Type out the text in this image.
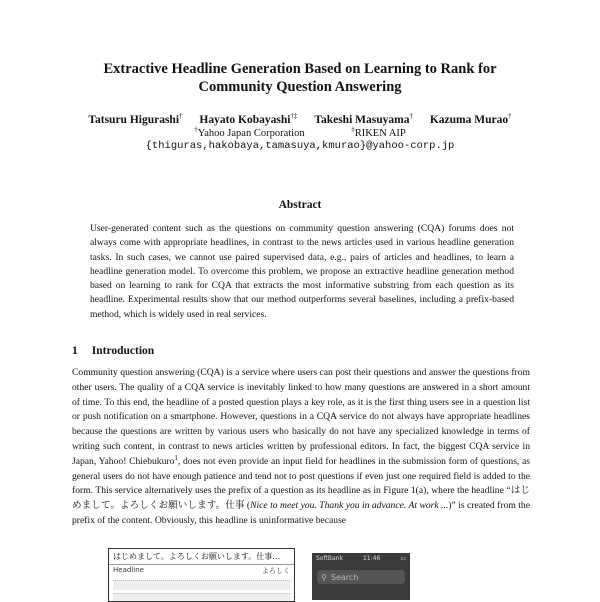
Extractive Headline Generation Based on Learning to Rank for
Community Question Answering
Tatsuru Higurashi† Hayato Kobayashi†‡ Takeshi Masuyama† Kazuma Murao†
†Yahoo Japan Corporation	‡RIKEN AIP
{thiguras,hakobaya,tamasuya,kmurao}@yahoo-corp.jp
Abstract
User-generated content such as the questions on community question answering (CQA) forums does not always come with appropriate headlines, in contrast to the news articles used in various headline generation tasks. In such cases, we cannot use paired supervised data, e.g., pairs of articles and headlines, to learn a headline generation model. To overcome this problem, we propose an extractive headline generation method based on learning to rank for CQA that extracts the most informative substring from each question as its headline. Experimental results show that our method outperforms several baselines, including a prefix-based method, which is widely used in real services.
1 Introduction
Community question answering (CQA) is a service where users can post their questions and answer the questions from other users. The quality of a CQA service is inevitably linked to how many questions are answered in a short amount of time. To this end, the headline of a posted question plays a key role, as it is the first thing users see in a question list or push notification on a smartphone. However, questions in a CQA service do not always have appropriate headlines because the questions are written by various users who basically do not have any specialized knowledge in terms of writing such content, in contrast to news articles written by professional editors. In fact, the biggest CQA service in Japan, Yahoo! Chiebukuro$^1$, does not even provide an input field for headlines in the submission form of questions, as general users do not have enough patience and tend not to post questions if even just one required field is added to the form. This service alternatively uses the prefix of a question as its headline as in Figure 1(a), where the headline “はじめまして。よろしくお願いします。仕事 (Nice to meet you. Thank you in advance. At work ...)” is created from the prefix of the content. Obviously, this headline is uninformative because
はじめまして。よろしくお願いします。仕事…
Headline	よろしく
SoftBank	11:46	▭
⚲ Search
